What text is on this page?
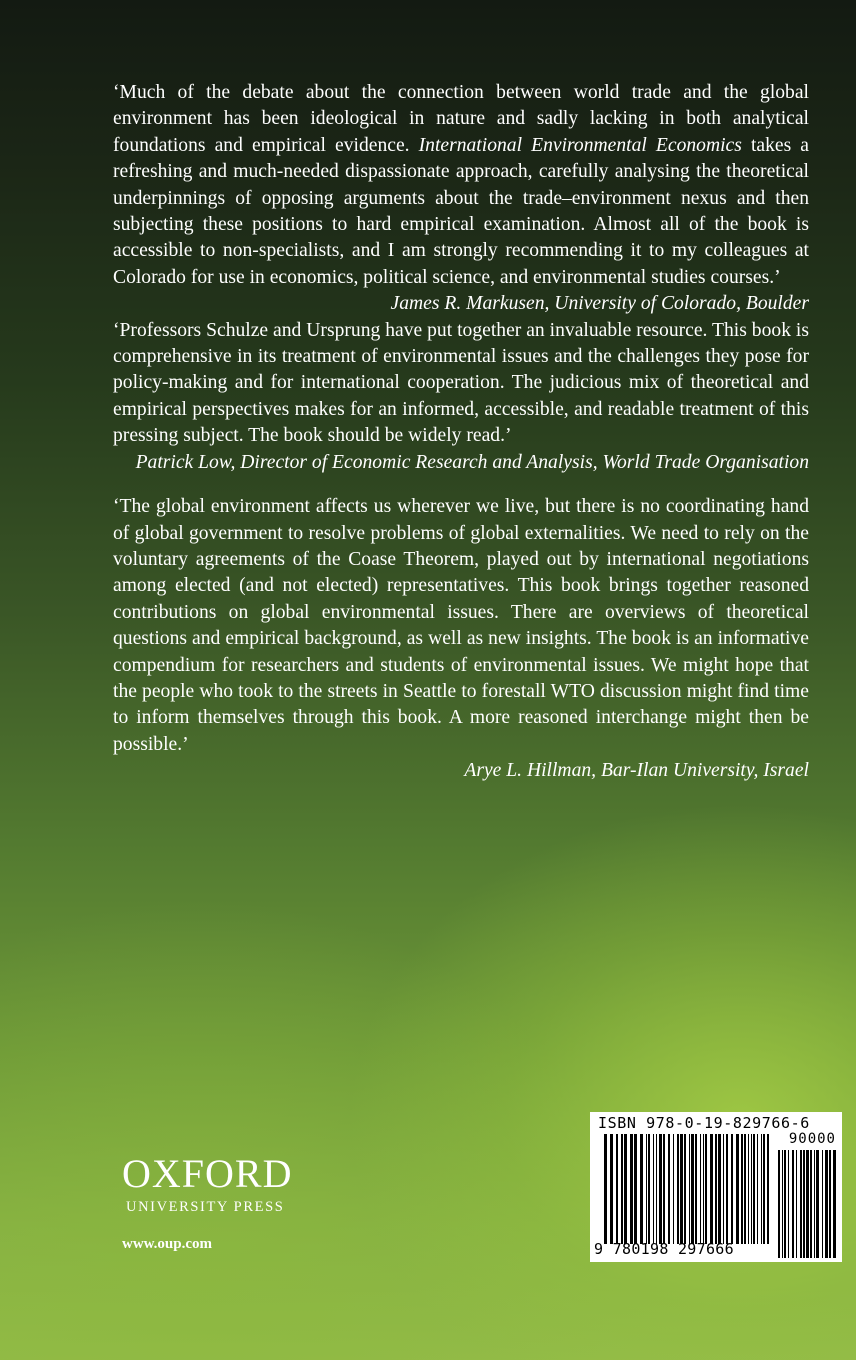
‘Much of the debate about the connection between world trade and the global environment has been ideological in nature and sadly lacking in both analytical foundations and empirical evidence. International Environmental Economics takes a refreshing and much-needed dispassionate approach, carefully analysing the theoretical underpinnings of opposing arguments about the trade–environment nexus and then subjecting these positions to hard empirical examination. Almost all of the book is accessible to non-specialists, and I am strongly recommending it to my colleagues at Colorado for use in economics, political science, and environmental studies courses.’
James R. Markusen, University of Colorado, Boulder
‘Professors Schulze and Ursprung have put together an invaluable resource. This book is comprehensive in its treatment of environmental issues and the challenges they pose for policy-making and for international cooperation. The judicious mix of theoretical and empirical perspectives makes for an informed, accessible, and readable treatment of this pressing subject. The book should be widely read.’
Patrick Low, Director of Economic Research and Analysis, World Trade Organisation
‘The global environment affects us wherever we live, but there is no coordinating hand of global government to resolve problems of global externalities. We need to rely on the voluntary agreements of the Coase Theorem, played out by international negotiations among elected (and not elected) representatives. This book brings together reasoned contributions on global environmental issues. There are overviews of theoretical questions and empirical background, as well as new insights. The book is an informative compendium for researchers and students of environmental issues. We might hope that the people who took to the streets in Seattle to forestall WTO discussion might find time to inform themselves through this book. A more reasoned interchange might then be possible.’
Arye L. Hillman, Bar-Ilan University, Israel
OXFORD
UNIVERSITY PRESS
www.oup.com
ISBN 978-0-19-829766-6
90000
9 780198 297666
